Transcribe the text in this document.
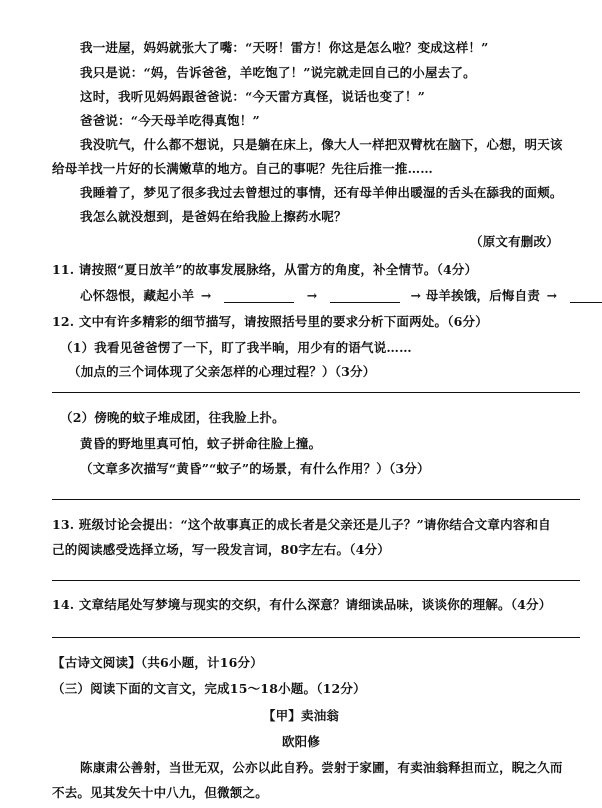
我一进屋，妈妈就张大了嘴：“天呀！雷方！你这是怎么啦？变成这样！”
我只是说：“妈，告诉爸爸，羊吃饱了！”说完就走回自己的小屋去了。
这时，我听见妈妈跟爸爸说：“今天雷方真怪，说话也变了！”
爸爸说：“今天母羊吃得真饱！”
我没吭气，什么都不想说，只是躺在床上，像大人一样把双臂枕在脑下，心想，明天该
给母羊找一片好的长满嫩草的地方。自己的事呢？先往后推一推……
我睡着了，梦见了很多我过去曾想过的事情，还有母羊伸出暖湿的舌头在舔我的面颊。
我怎么就没想到，是爸妈在给我脸上擦药水呢？
（原文有删改）
11. 请按照“夏日放羊”的故事发展脉络，从雷方的角度，补全情节。（4分）
心怀怨恨，藏起小羊 →	→	→ 母羊挨饿，后悔自责 →
12. 文中有许多精彩的细节描写，请按照括号里的要求分析下面两处。（6分）
（1）我看见爸爸愣了一下，盯了我半晌，用少有的语气说……
（加点的三个词体现了父亲怎样的心理过程？）（3分）
（2）傍晚的蚊子堆成团，往我脸上扑。
黄昏的野地里真可怕，蚊子拼命往脸上撞。
（文章多次描写“黄昏”“蚊子”的场景，有什么作用？）（3分）
13. 班级讨论会提出：“这个故事真正的成长者是父亲还是儿子？”请你结合文章内容和自
己的阅读感受选择立场，写一段发言词，80字左右。（4分）
14. 文章结尾处写梦境与现实的交织，有什么深意？请细读品味，谈谈你的理解。（4分）
【古诗文阅读】（共6小题，计16分）
（三）阅读下面的文言文，完成15～18小题。（12分）
【甲】卖油翁
欧阳修
陈康肃公善射，当世无双，公亦以此自矜。尝射于家圃，有卖油翁释担而立，睨之久而
不去。见其发矢十中八九，但微颔之。
